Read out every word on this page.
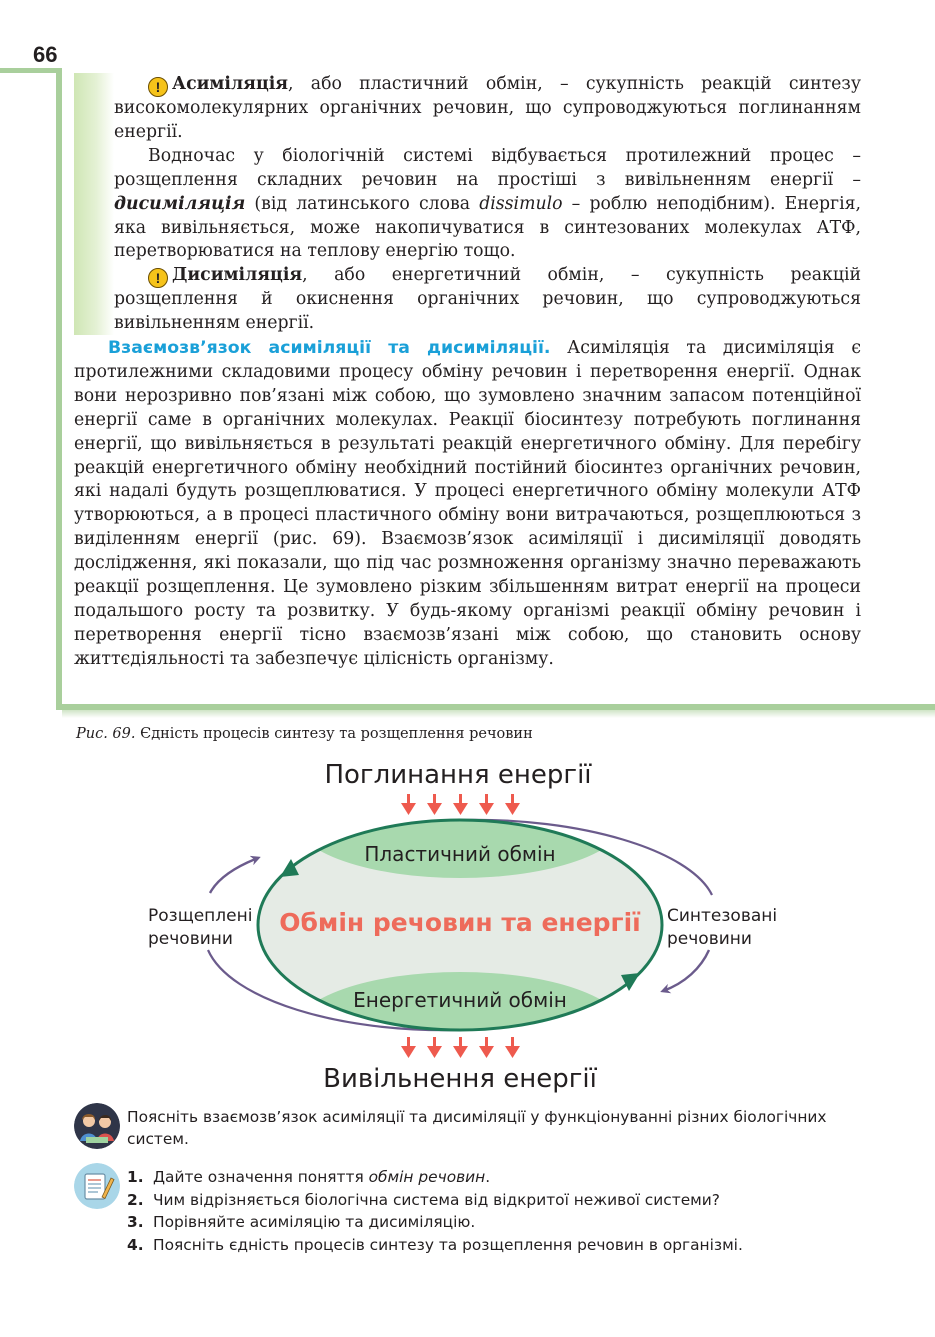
66

! Асиміляція, або пластичний обмін, – сукупність реакцій синтезу високомолекулярних органічних речовин, що супроводжуються поглинанням енергії.

Водночас у біологічній системі відбувається протилежний процес – розщеплення складних речовин на простіші з вивільненням енергії – дисиміляція (від латинського слова dissimulo – роблю неподібним). Енергія, яка вивільняється, може накопичуватися в синтезованих молекулах АТФ, перетворюватися на теплову енергію тощо.

! Дисиміляція, або енергетичний обмін, – сукупність реакцій розщеплення й окиснення органічних речовин, що супроводжуються вивільненням енергії.

Взаємозв’язок асиміляції та дисиміляції. Асиміляція та дисиміляція є протилежними складовими процесу обміну речовин і перетворення енергії. Однак вони нерозривно пов’язані між собою, що зумовлено значним запасом потенційної енергії саме в органічних молекулах. Реакції біосинтезу потребують поглинання енергії, що вивільняється в результаті реакцій енергетичного обміну. Для перебігу реакцій енергетичного обміну необхідний постійний біосинтез органічних речовин, які надалі будуть розщеплюватися. У процесі енергетичного обміну молекули АТФ утворюються, а в процесі пластичного обміну вони витрачаються, розщеплюються з виділенням енергії (рис. 69). Взаємозв’язок асиміляції і дисиміляції доводять дослідження, які показали, що під час розмноження організму значно переважають реакції розщеплення. Це зумовлено різким збільшенням витрат енергії на процеси подальшого росту та розвитку. У будь-якому організмі реакції обміну речовин і перетворення енергії тісно взаємозв’язані між собою, що становить основу життєдіяльності та забезпечує цілісність організму.

Рис. 69. Єдність процесів синтезу та розщеплення речовин
Поглинання енергії
Пластичний обмін
Обмін речовин та енергії
Енергетичний обмін
Розщеплені
речовини
Синтезовані
речовини
Вивільнення енергії
Поясніть взаємозв’язок асиміляції та дисиміляції у функціонуванні різних біологічних систем.
1. Дайте означення поняття обмін речовин.
2. Чим відрізняється біологічна система від відкритої неживої системи?
3. Порівняйте асиміляцію та дисиміляцію.
4. Поясніть єдність процесів синтезу та розщеплення речовин в організмі.
